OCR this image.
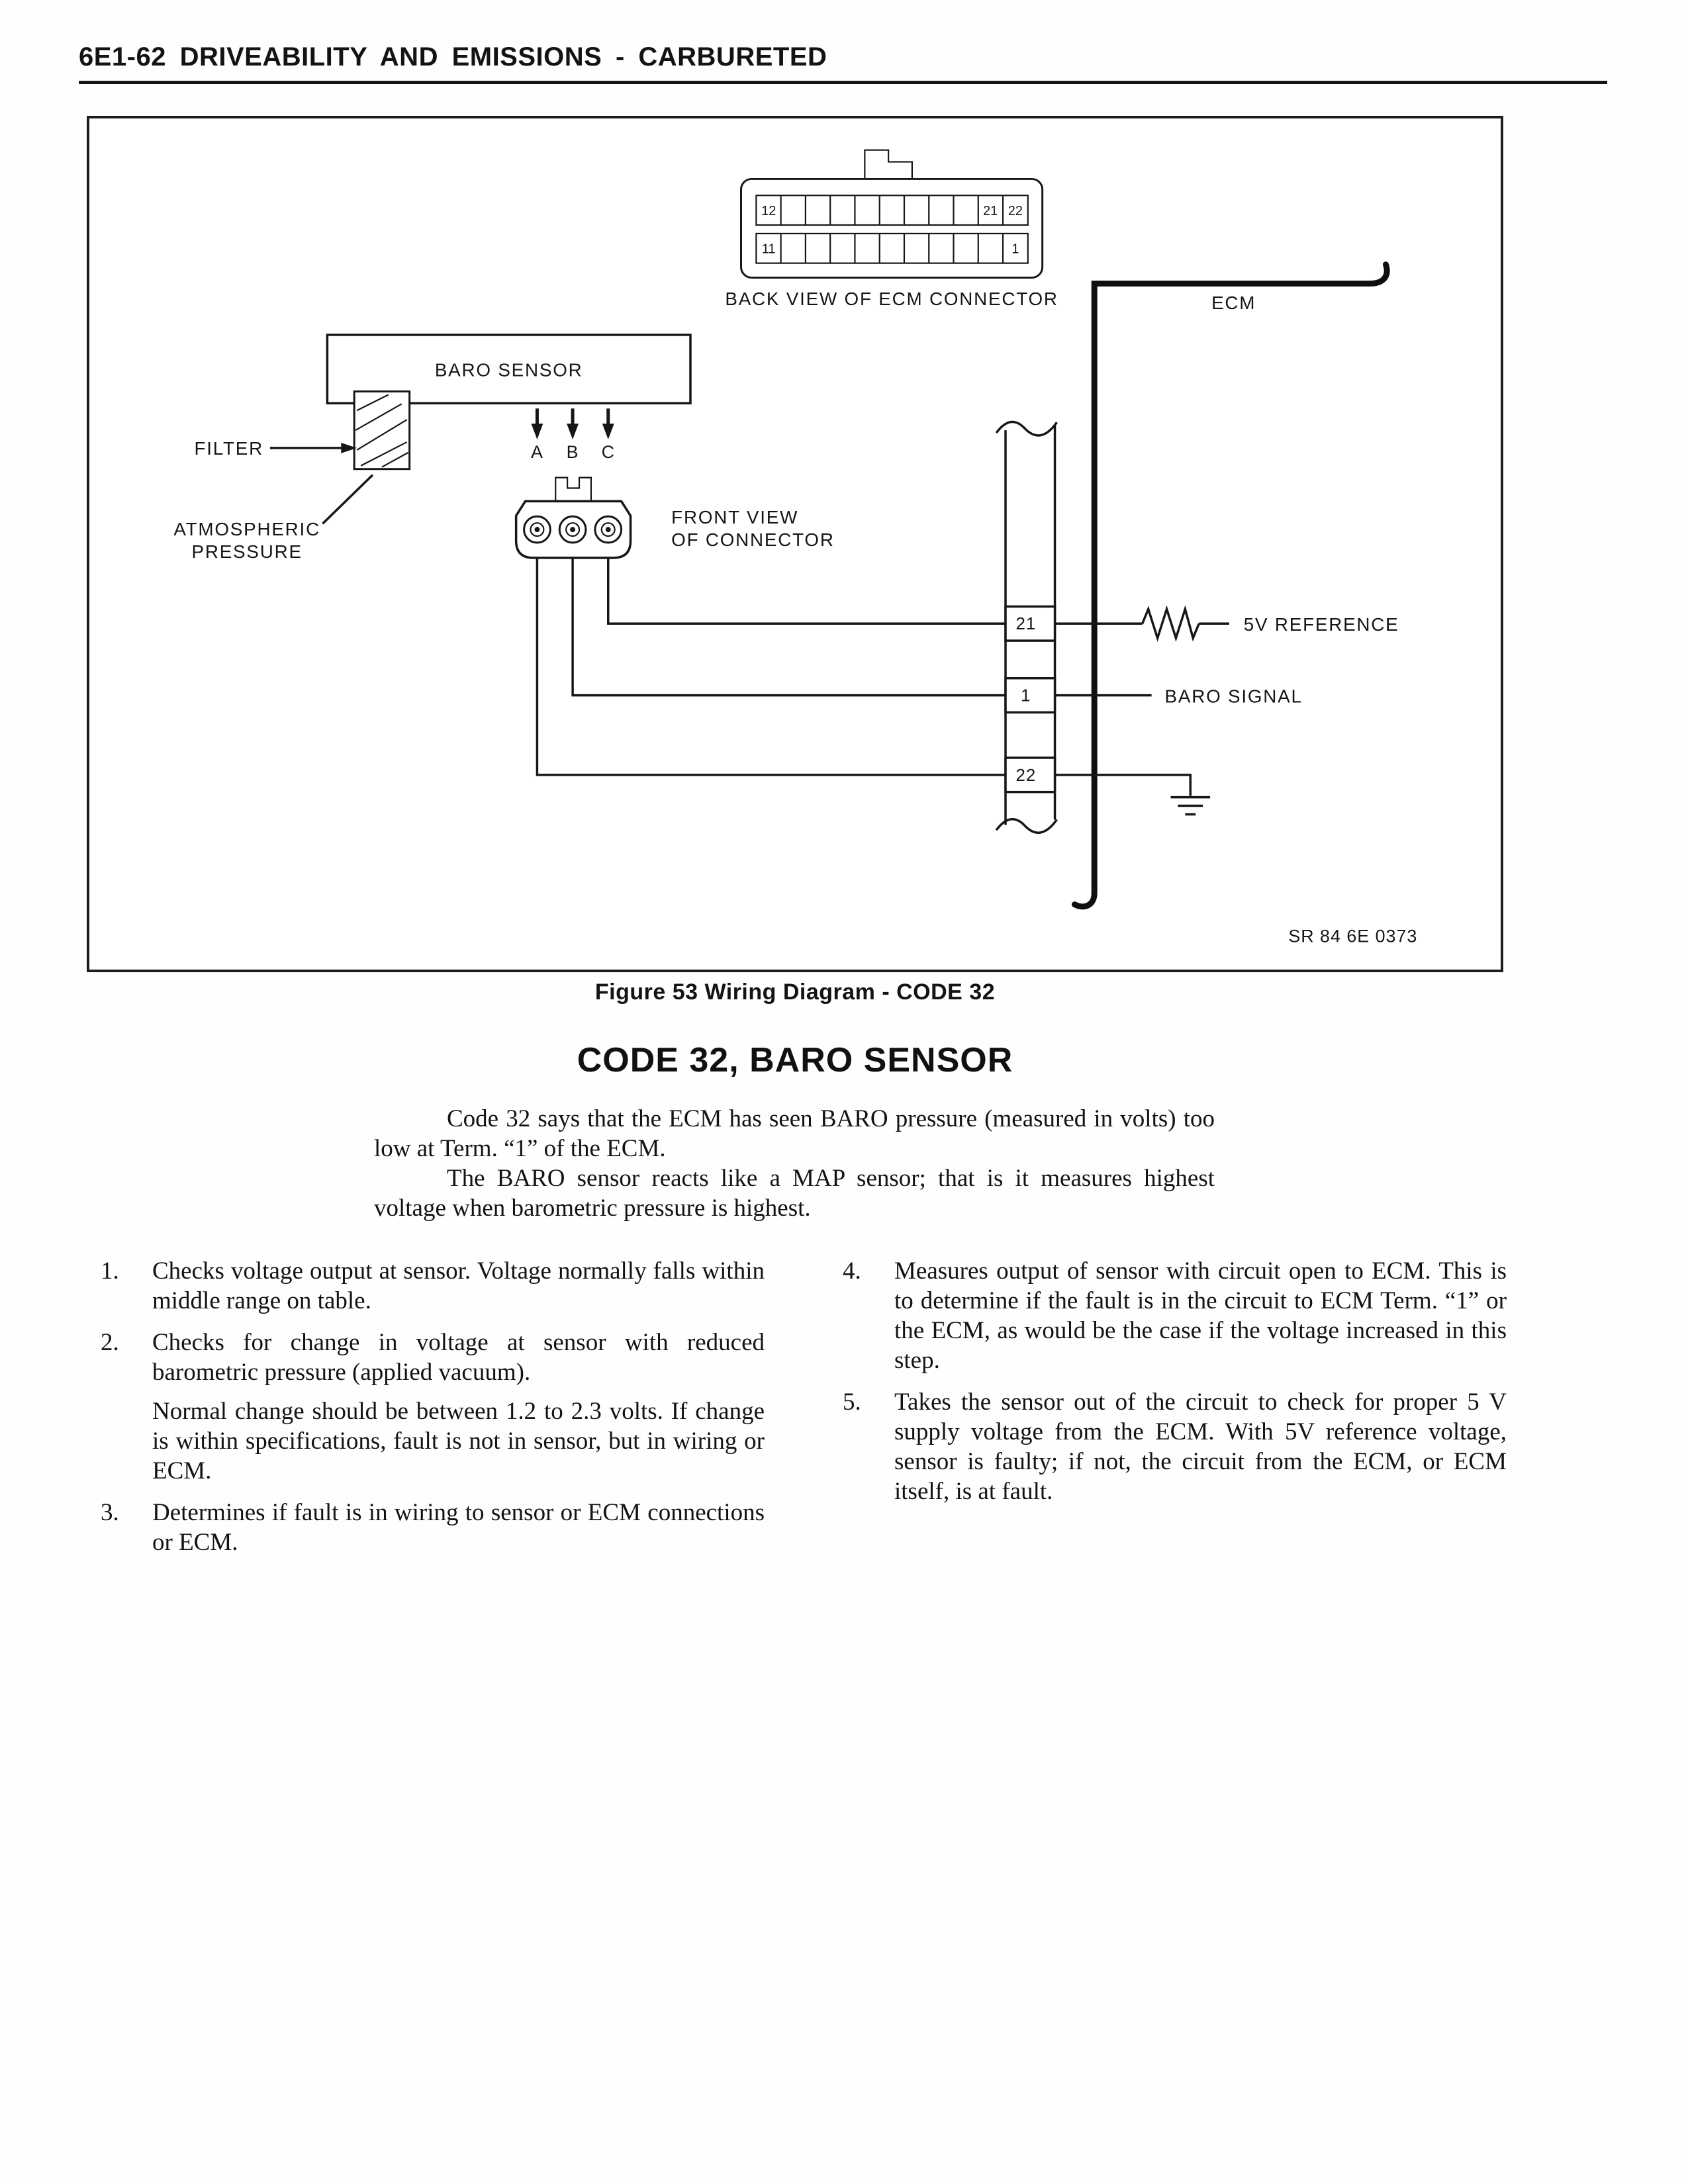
6E1-62 DRIVEABILITY AND EMISSIONS - CARBURETED
12	21 22
11	1
BACK VIEW OF ECM CONNECTOR	ECM
21
1
22
5V REFERENCE
BARO SIGNAL
BARO SENSOR
A B C
FILTER
ATMOSPHERIC
PRESSURE
FRONT VIEW
OF CONNECTOR
SR 84 6E 0373
Figure 53 Wiring Diagram - CODE 32
CODE 32, BARO SENSOR

Code 32 says that the ECM has seen BARO pressure (measured in volts) too low at Term. “1” of the ECM.

The BARO sensor reacts like a MAP sensor; that is it measures highest voltage when barometric pressure is highest.

1.	Checks voltage output at sensor. Voltage normally falls within middle range on table.
2.	Checks for change in voltage at sensor with reduced barometric pressure (applied vacuum).
Normal change should be between 1.2 to 2.3 volts. If change is within specifications, fault is not in sensor, but in wiring or ECM.
3.	Determines if fault is in wiring to sensor or ECM connections or ECM.
4.	Measures output of sensor with circuit open to ECM. This is to determine if the fault is in the circuit to ECM Term. “1” or the ECM, as would be the case if the voltage increased in this step.
5.	Takes the sensor out of the circuit to check for proper 5 V supply voltage from the ECM. With 5V reference voltage, sensor is faulty; if not, the circuit from the ECM, or ECM itself, is at fault.
